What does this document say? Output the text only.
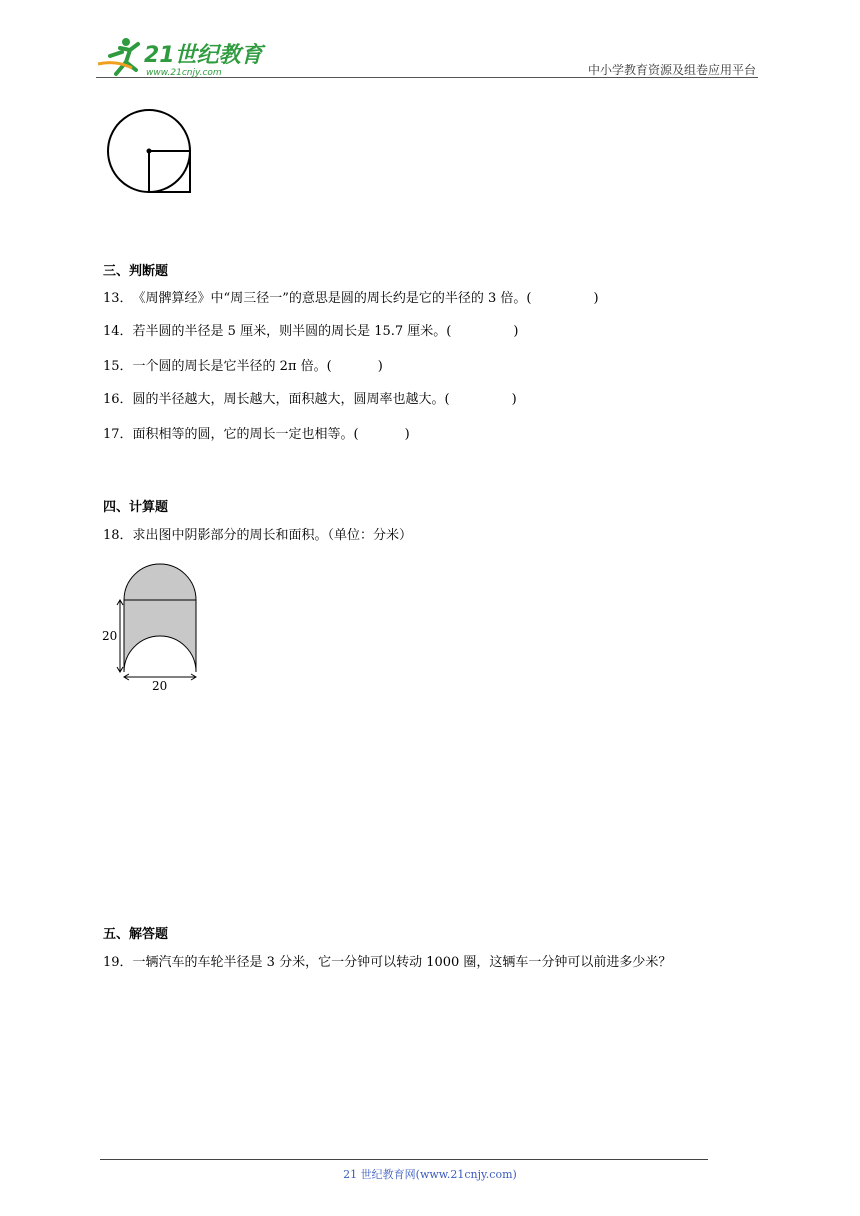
21世纪教育
www.21cnjy.com	中小学教育资源及组卷应用平台
三、判断题
13．《周髀算经》中“周三径一”的意思是圆的周长约是它的半径的 3 倍。(	)
14．若半圆的半径是 5 厘米，则半圆的周长是 15.7 厘米。(	)
15．一个圆的周长是它半径的 2π 倍。(	)
16．圆的半径越大，周长越大，面积越大，圆周率也越大。(	)
17．面积相等的圆，它的周长一定也相等。(	)
四、计算题
18．求出图中阴影部分的周长和面积。（单位：分米）
20
20
五、解答题
19．一辆汽车的车轮半径是 3 分米，它一分钟可以转动 1000 圈，这辆车一分钟可以前进多少米？
21 世纪教育网(www.21cnjy.com)
